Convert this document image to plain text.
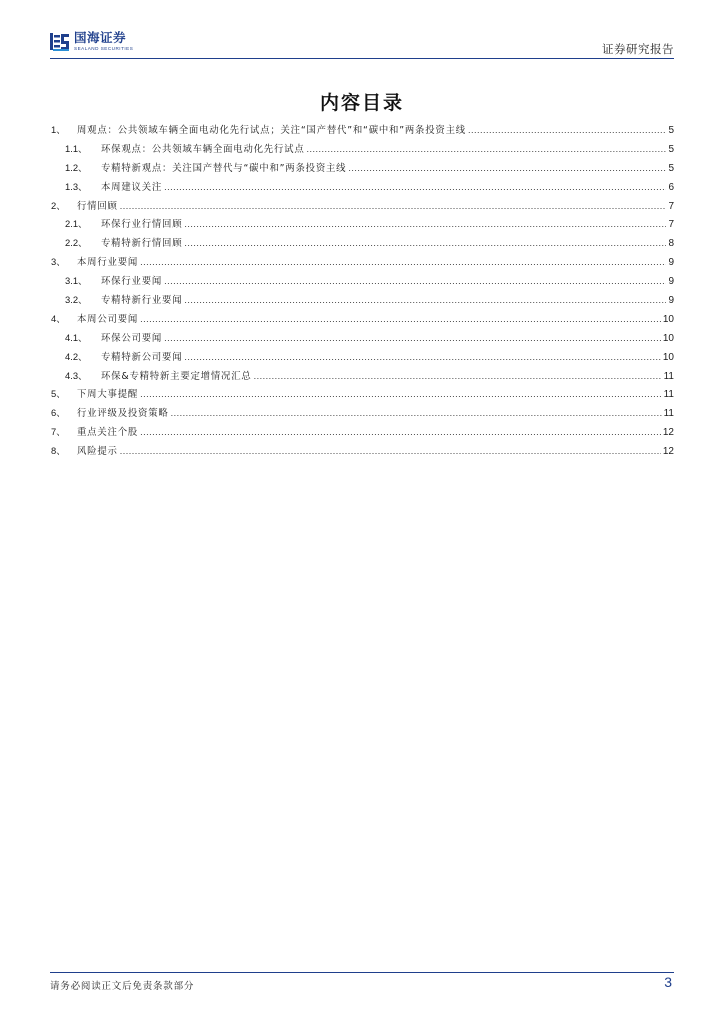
国海证券
SEALAND SECURITIES	证券研究报告
内容目录
1、	周观点：公共领域车辆全面电动化先行试点；关注“国产替代”和“碳中和”两条投资主线 .....	5
1.1、	环保观点：公共领域车辆全面电动化先行试点 .....	5
1.2、	专精特新观点：关注国产替代与“碳中和”两条投资主线 .....	5
1.3、	本周建议关注 .....	6
2、	行情回顾 .....	7
2.1、	环保行业行情回顾 .....	7
2.2、	专精特新行情回顾 .....	8
3、	本周行业要闻 .....	9
3.1、	环保行业要闻 .....	9
3.2、	专精特新行业要闻 .....	9
4、	本周公司要闻 .....	10
4.1、	环保公司要闻 .....	10
4.2、	专精特新公司要闻 .....	10
4.3、	环保&专精特新主要定增情况汇总 .....	11
5、	下周大事提醒 .....	11
6、	行业评级及投资策略 .....	11
7、	重点关注个股 .....	12
8、	风险提示 .....	12
请务必阅读正文后免责条款部分	3
